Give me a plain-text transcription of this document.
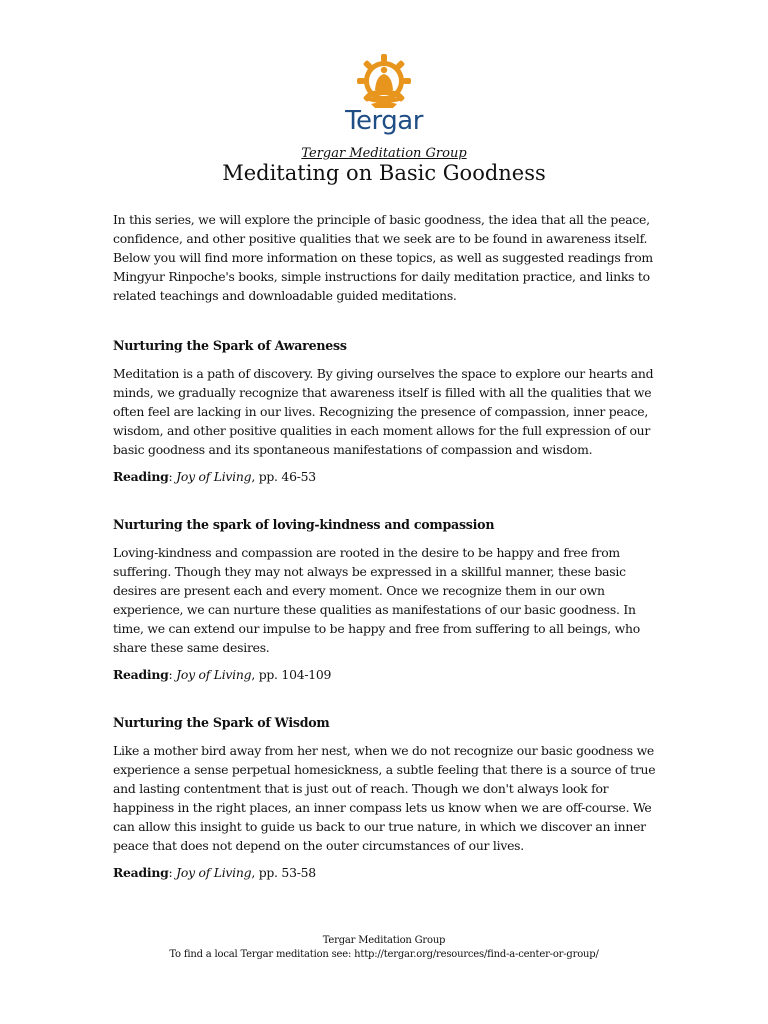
Tergar
Tergar Meditation Group
Meditating on Basic Goodness

In this series, we will explore the principle of basic goodness, the idea that all the peace, confidence, and other positive qualities that we seek are to be found in awareness itself. Below you will find more information on these topics, as well as suggested readings from Mingyur Rinpoche's books, simple instructions for daily meditation practice, and links to related teachings and downloadable guided meditations.

Nurturing the Spark of Awareness

Meditation is a path of discovery. By giving ourselves the space to explore our hearts and minds, we gradually recognize that awareness itself is filled with all the qualities that we often feel are lacking in our lives. Recognizing the presence of compassion, inner peace, wisdom, and other positive qualities in each moment allows for the full expression of our basic goodness and its spontaneous manifestations of compassion and wisdom.

Reading: Joy of Living, pp. 46-53

Nurturing the spark of loving-kindness and compassion

Loving-kindness and compassion are rooted in the desire to be happy and free from suffering. Though they may not always be expressed in a skillful manner, these basic desires are present each and every moment. Once we recognize them in our own experience, we can nurture these qualities as manifestations of our basic goodness. In time, we can extend our impulse to be happy and free from suffering to all beings, who share these same desires.

Reading: Joy of Living, pp. 104-109

Nurturing the Spark of Wisdom

Like a mother bird away from her nest, when we do not recognize our basic goodness we experience a sense perpetual homesickness, a subtle feeling that there is a source of true and lasting contentment that is just out of reach. Though we don't always look for happiness in the right places, an inner compass lets us know when we are off-course. We can allow this insight to guide us back to our true nature, in which we discover an inner peace that does not depend on the outer circumstances of our lives.

Reading: Joy of Living, pp. 53-58

Tergar Meditation Group
To find a local Tergar meditation see: http://tergar.org/resources/find-a-center-or-group/
